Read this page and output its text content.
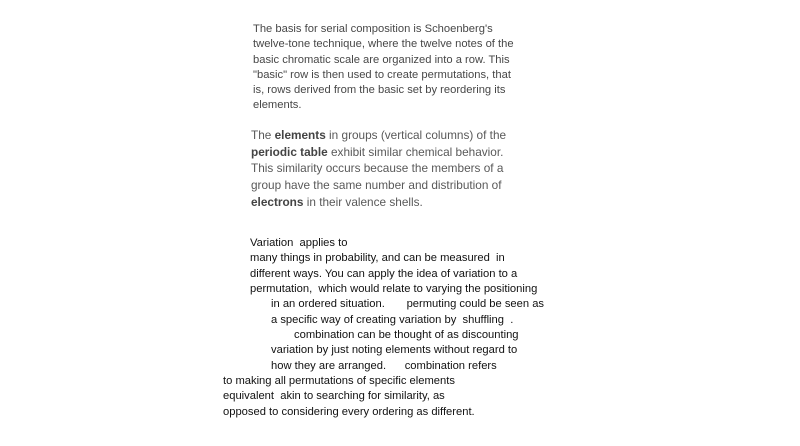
The basis for serial composition is Schoenberg's
twelve-tone technique, where the twelve notes of the
basic chromatic scale are organized into a row. This
"basic" row is then used to create permutations, that
is, rows derived from the basic set by reordering its
elements.
The elements in groups (vertical columns) of the
periodic table exhibit similar chemical behavior.
This similarity occurs because the members of a
group have the same number and distribution of
electrons in their valence shells.
Variation  applies to
many things in probability, and can be measured  in
different ways. You can apply the idea of variation to a
permutation,  which would relate to varying the positioning
in an ordered situation.       permuting could be seen as
a specific way of creating variation by  shuffling  .
combination can be thought of as discounting
variation by just noting elements without regard to
how they are arranged.      combination refers
to making all permutations of specific elements
equivalent  akin to searching for similarity, as
opposed to considering every ordering as different.
